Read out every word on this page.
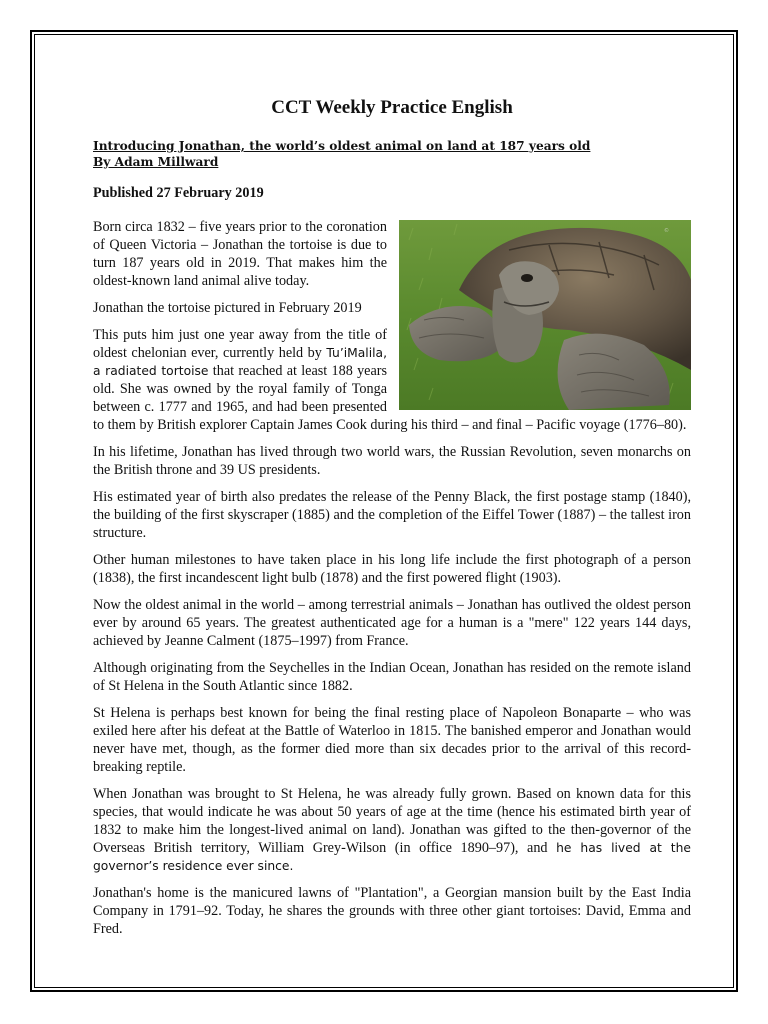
CCT Weekly Practice English
Introducing Jonathan, the world’s oldest animal on land at 187 years old
By Adam Millward
Published 27 February 2019
©

Born circa 1832 – five years prior to the coronation of Queen Victoria – Jonathan the tortoise is due to turn 187 years old in 2019. That makes him the oldest-known land animal alive today.

Jonathan the tortoise pictured in February 2019

This puts him just one year away from the title of oldest chelonian ever, currently held by Tu’iMalila, a radiated tortoise that reached at least 188 years old. She was owned by the royal family of Tonga between c. 1777 and 1965, and had been presented to them by British explorer Captain James Cook during his third – and final – Pacific voyage (1776–80).

In his lifetime, Jonathan has lived through two world wars, the Russian Revolution, seven monarchs on the British throne and 39 US presidents.

His estimated year of birth also predates the release of the Penny Black, the first postage stamp (1840), the building of the first skyscraper (1885) and the completion of the Eiffel Tower (1887) – the tallest iron structure.

Other human milestones to have taken place in his long life include the first photograph of a person (1838), the first incandescent light bulb (1878) and the first powered flight (1903).

Now the oldest animal in the world – among terrestrial animals – Jonathan has outlived the oldest person ever by around 65 years. The greatest authenticated age for a human is a "mere" 122 years 144 days, achieved by Jeanne Calment (1875–1997) from France.

Although originating from the Seychelles in the Indian Ocean, Jonathan has resided on the remote island of St Helena in the South Atlantic since 1882.

St Helena is perhaps best known for being the final resting place of Napoleon Bonaparte – who was exiled here after his defeat at the Battle of Waterloo in 1815. The banished emperor and Jonathan would never have met, though, as the former died more than six decades prior to the arrival of this record-breaking reptile.

When Jonathan was brought to St Helena, he was already fully grown. Based on known data for this species, that would indicate he was about 50 years of age at the time (hence his estimated birth year of 1832 to make him the longest-lived animal on land). Jonathan was gifted to the then-governor of the Overseas British territory, William Grey-Wilson (in office 1890–97), and he has lived at the governor’s residence ever since.

Jonathan's home is the manicured lawns of "Plantation", a Georgian mansion built by the East India Company in 1791–92. Today, he shares the grounds with three other giant tortoises: David, Emma and Fred.
